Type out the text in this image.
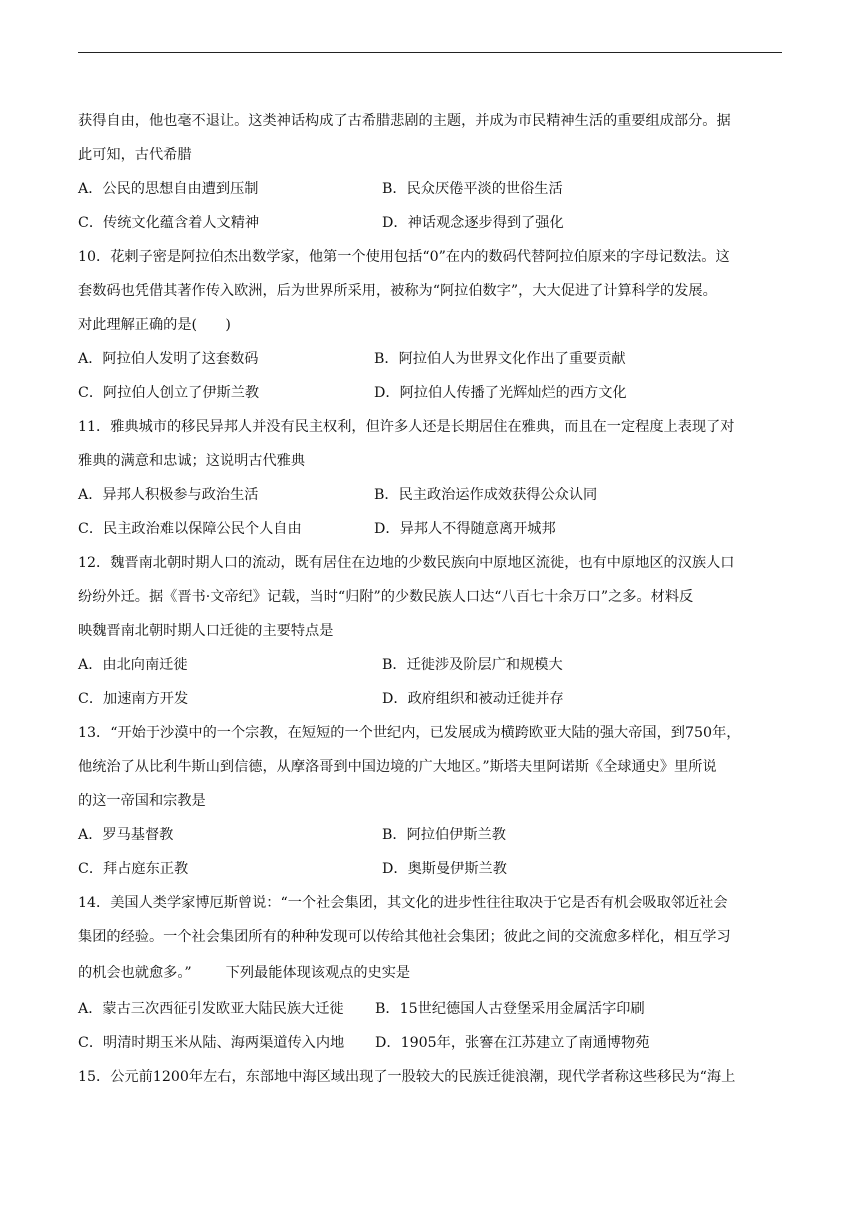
获得自由，他也毫不退让。这类神话构成了古希腊悲剧的主题，并成为市民精神生活的重要组成部分。据

此可知，古代希腊

A．公民的思想自由遭到压制	B．民众厌倦平淡的世俗生活
C．传统文化蕴含着人文精神	D．神话观念逐步得到了强化

10．花剌子密是阿拉伯杰出数学家，他第一个使用包括“0”在内的数码代替阿拉伯原来的字母记数法。这

套数码也凭借其著作传入欧洲，后为世界所采用，被称为“阿拉伯数字”，大大促进了计算科学的发展。

对此理解正确的是(　　)

A．阿拉伯人发明了这套数码	B．阿拉伯人为世界文化作出了重要贡献
C．阿拉伯人创立了伊斯兰教	D．阿拉伯人传播了光辉灿烂的西方文化

11．雅典城市的移民异邦人并没有民主权利，但许多人还是长期居住在雅典，而且在一定程度上表现了对

雅典的满意和忠诚；这说明古代雅典

A．异邦人积极参与政治生活	B．民主政治运作成效获得公众认同
C．民主政治难以保障公民个人自由	D．异邦人不得随意离开城邦

12．魏晋南北朝时期人口的流动，既有居住在边地的少数民族向中原地区流徙，也有中原地区的汉族人口

纷纷外迁。据《晋书·文帝纪》记载，当时“归附”的少数民族人口达“八百七十余万口”之多。材料反

映魏晋南北朝时期人口迁徙的主要特点是

A．由北向南迁徙	B．迁徙涉及阶层广和规模大
C．加速南方开发	D．政府组织和被动迁徙并存

13．“开始于沙漠中的一个宗教，在短短的一个世纪内，已发展成为横跨欧亚大陆的强大帝国，到750年，

他统治了从比利牛斯山到信德，从摩洛哥到中国边境的广大地区。”斯塔夫里阿诺斯《全球通史》里所说

的这一帝国和宗教是

A．罗马基督教	B．阿拉伯伊斯兰教
C．拜占庭东正教	D．奥斯曼伊斯兰教

14．美国人类学家博厄斯曾说：“一个社会集团，其文化的进步性往往取决于它是否有机会吸取邻近社会

集团的经验。一个社会集团所有的种种发现可以传给其他社会集团；彼此之间的交流愈多样化，相互学习

的机会也就愈多。” 下列最能体现该观点的史实是

A．蒙古三次西征引发欧亚大陆民族大迁徙 B．15世纪德国人古登堡采用金属活字印刷
C．明清时期玉米从陆、海两渠道传入内地 D．1905年，张謇在江苏建立了南通博物苑

15．公元前1200年左右，东部地中海区域出现了一股较大的民族迁徙浪潮，现代学者称这些移民为“海上
